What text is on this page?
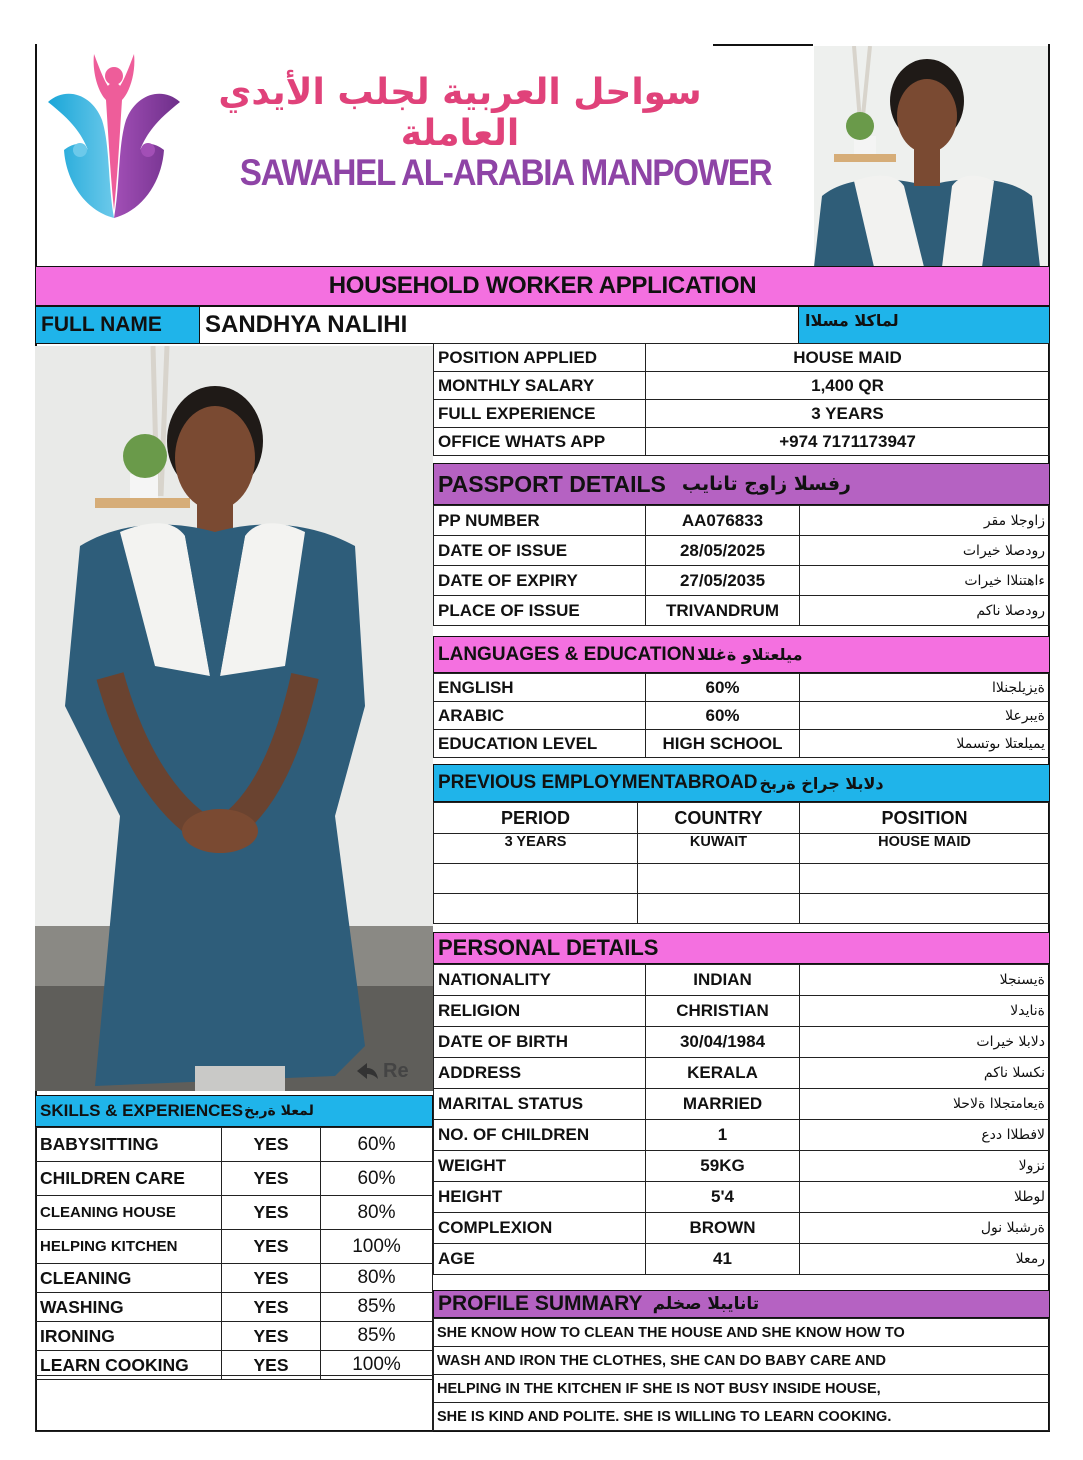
سواحل العربية لجلب الأيدي العاملة
SAWAHEL AL-ARABIA MANPOWER
HOUSEHOLD WORKER APPLICATION
FULL NAME	SANDHYA NALIHI	لماكلا مسلاا
Re
POSITION APPLIED	HOUSE MAID
MONTHLY SALARY	1,400 QR
FULL EXPERIENCE	3 YEARS
OFFICE WHATS APP	+974 7171173947
PASSPORT DETAILS رفسلا زاوج تانايب
PP NUMBER	AA076833	زاوجلا مقر
DATE OF ISSUE	28/05/2025	رودصلا خيرات
DATE OF EXPIRY	27/05/2035	ءاهتنلاا خيرات
PLACE OF ISSUE	TRIVANDRUM	رودصلا ناكم
LANGUAGES & EDUCATION ميلعتلاو ةغللا
ENGLISH	60%	ةيزيلجنلاا
ARABIC	60%	ةيبرعلا
EDUCATION LEVEL	HIGH SCHOOL	يميلعتلا ىوتسملا
PREVIOUS EMPLOYMENTABROAD دلابلا جراخ ةربخ
PERIOD	COUNTRY	POSITION
3 YEARS	KUWAIT	HOUSE MAID

PERSONAL DETAILS
NATIONALITY	INDIAN	ةيسنجلا
RELIGION	CHRISTIAN	ةنايدلا
DATE OF BIRTH	30/04/1984	دلابلا خيرات
ADDRESS	KERALA	نكسلا ناكم
MARITAL STATUS	MARRIED	ةيعامتجلاا ةلاحلا
NO. OF CHILDREN	1	لافطلاا ددع
WEIGHT	59KG	نزولا
HEIGHT	5'4	لوطلا
COMPLEXION	BROWN	ةرشبلا نول
AGE	41	رمعلا
PROFILE SUMMARY تانايبلا صخلم
SHE KNOW HOW TO CLEAN THE HOUSE AND SHE KNOW HOW TO
WASH AND IRON THE CLOTHES, SHE CAN DO BABY CARE AND
HELPING IN THE KITCHEN IF SHE IS NOT BUSY INSIDE HOUSE,
SHE IS KIND AND POLITE. SHE IS WILLING TO LEARN COOKING.
SKILLS & EXPERIENCES لمعلا ةربخ
BABYSITTING	YES	60%
CHILDREN CARE	YES	60%
CLEANING HOUSE	YES	80%
HELPING KITCHEN	YES	100%
CLEANING	YES	80%
WASHING	YES	85%
IRONING	YES	85%
LEARN COOKING	YES	100%
